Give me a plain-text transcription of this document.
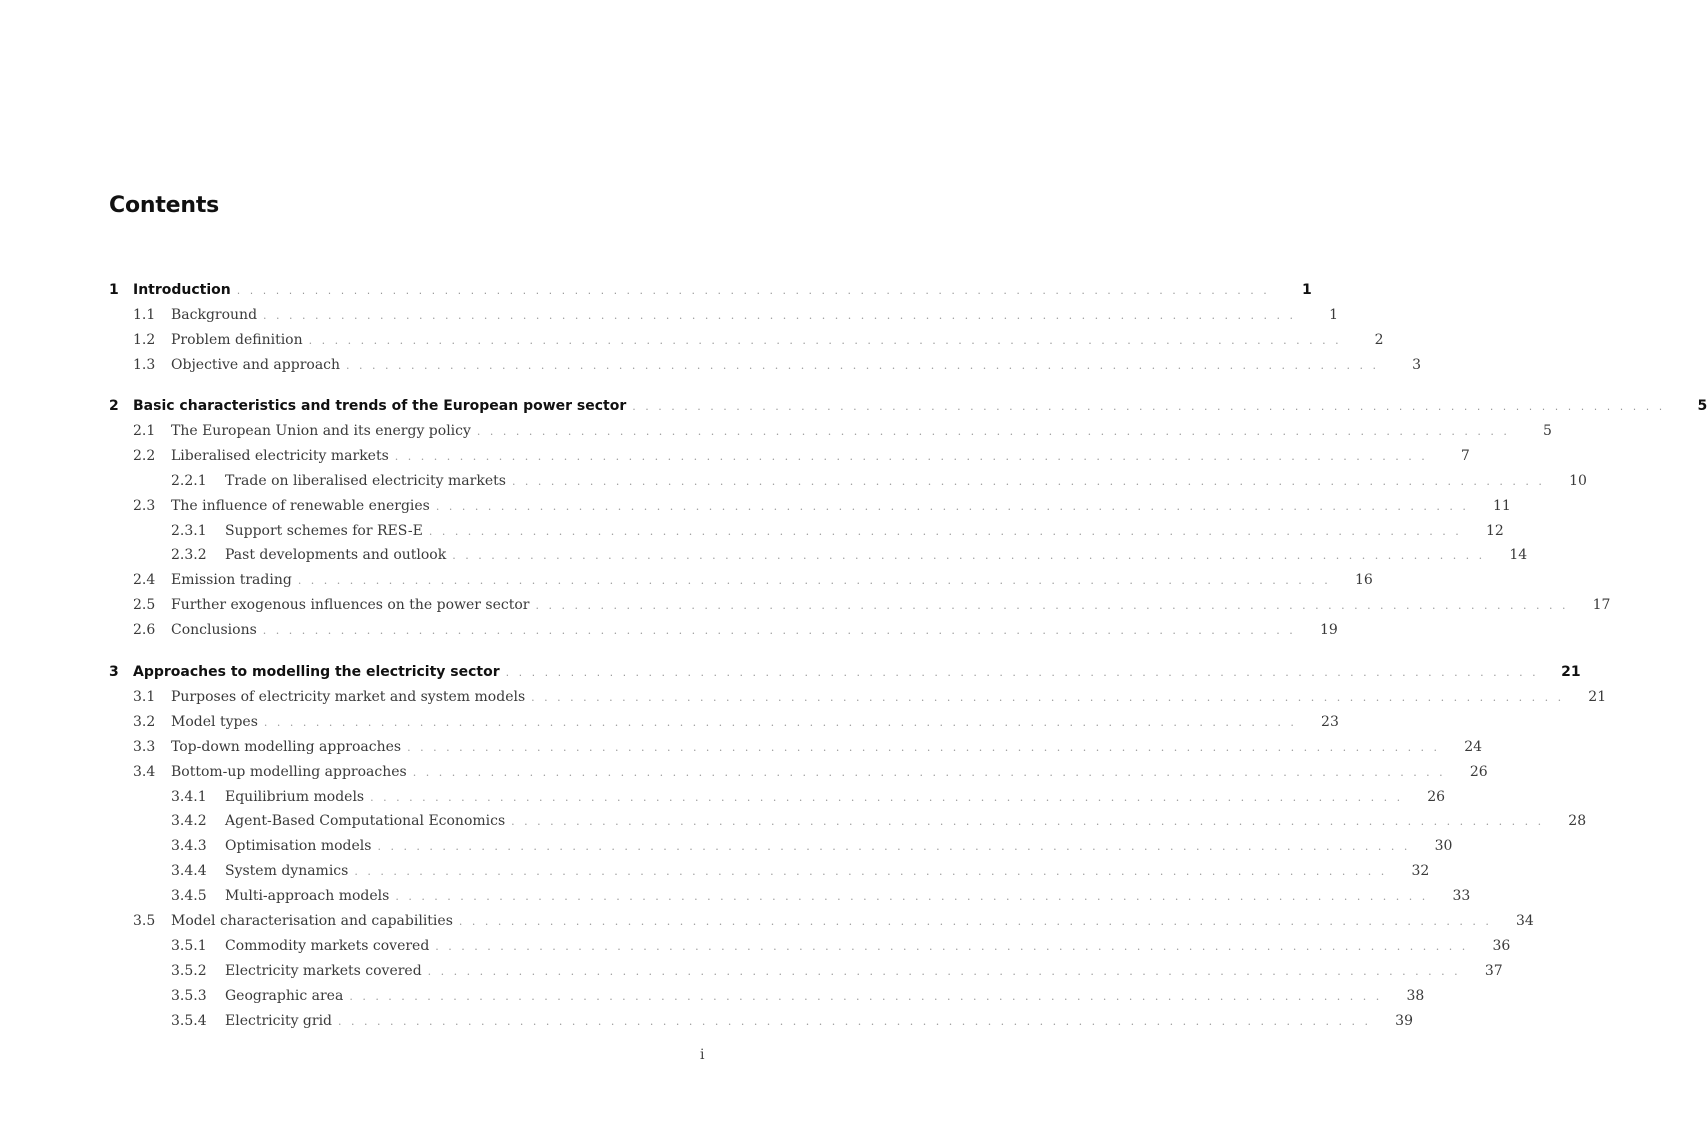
Contents
1	Introduction . . . . . . . . . . . . . . . . . . . . . . . . . . . . . . . . . . . . . . . . . . . . . . . . . . . . . . . . . . . . . . . . . . . . . . . . . . . . . . . .	1
1.1	Background . . . . . . . . . . . . . . . . . . . . . . . . . . . . . . . . . . . . . . . . . . . . . . . . . . . . . . . . . . . . . . . . . . . . . . . . . . . . . . . .	1
1.2	Problem definition . . . . . . . . . . . . . . . . . . . . . . . . . . . . . . . . . . . . . . . . . . . . . . . . . . . . . . . . . . . . . . . . . . . . . . . . . . . . . . . .	2
1.3	Objective and approach . . . . . . . . . . . . . . . . . . . . . . . . . . . . . . . . . . . . . . . . . . . . . . . . . . . . . . . . . . . . . . . . . . . . . . . . . . . . . . . .	3
2	Basic characteristics and trends of the European power sector . . . . . . . . . . . . . . . . . . . . . . . . . . . . . . . . . . . . . . . . . . . . . . . . . . . . . . . . . . . . . . . . . . . . . . . . . . . . . . . .	5
2.1	The European Union and its energy policy . . . . . . . . . . . . . . . . . . . . . . . . . . . . . . . . . . . . . . . . . . . . . . . . . . . . . . . . . . . . . . . . . . . . . . . . . . . . . . . .	5
2.2	Liberalised electricity markets . . . . . . . . . . . . . . . . . . . . . . . . . . . . . . . . . . . . . . . . . . . . . . . . . . . . . . . . . . . . . . . . . . . . . . . . . . . . . . . .	7
2.2.1	Trade on liberalised electricity markets . . . . . . . . . . . . . . . . . . . . . . . . . . . . . . . . . . . . . . . . . . . . . . . . . . . . . . . . . . . . . . . . . . . . . . . . . . . . . . . .	10
2.3	The influence of renewable energies . . . . . . . . . . . . . . . . . . . . . . . . . . . . . . . . . . . . . . . . . . . . . . . . . . . . . . . . . . . . . . . . . . . . . . . . . . . . . . . .	11
2.3.1	Support schemes for RES-E . . . . . . . . . . . . . . . . . . . . . . . . . . . . . . . . . . . . . . . . . . . . . . . . . . . . . . . . . . . . . . . . . . . . . . . . . . . . . . . .	12
2.3.2	Past developments and outlook . . . . . . . . . . . . . . . . . . . . . . . . . . . . . . . . . . . . . . . . . . . . . . . . . . . . . . . . . . . . . . . . . . . . . . . . . . . . . . . .	14
2.4	Emission trading . . . . . . . . . . . . . . . . . . . . . . . . . . . . . . . . . . . . . . . . . . . . . . . . . . . . . . . . . . . . . . . . . . . . . . . . . . . . . . . .	16
2.5	Further exogenous influences on the power sector . . . . . . . . . . . . . . . . . . . . . . . . . . . . . . . . . . . . . . . . . . . . . . . . . . . . . . . . . . . . . . . . . . . . . . . . . . . . . . . .	17
2.6	Conclusions . . . . . . . . . . . . . . . . . . . . . . . . . . . . . . . . . . . . . . . . . . . . . . . . . . . . . . . . . . . . . . . . . . . . . . . . . . . . . . . .	19
3	Approaches to modelling the electricity sector . . . . . . . . . . . . . . . . . . . . . . . . . . . . . . . . . . . . . . . . . . . . . . . . . . . . . . . . . . . . . . . . . . . . . . . . . . . . . . . .	21
3.1	Purposes of electricity market and system models . . . . . . . . . . . . . . . . . . . . . . . . . . . . . . . . . . . . . . . . . . . . . . . . . . . . . . . . . . . . . . . . . . . . . . . . . . . . . . . .	21
3.2	Model types . . . . . . . . . . . . . . . . . . . . . . . . . . . . . . . . . . . . . . . . . . . . . . . . . . . . . . . . . . . . . . . . . . . . . . . . . . . . . . . .	23
3.3	Top-down modelling approaches . . . . . . . . . . . . . . . . . . . . . . . . . . . . . . . . . . . . . . . . . . . . . . . . . . . . . . . . . . . . . . . . . . . . . . . . . . . . . . . .	24
3.4	Bottom-up modelling approaches . . . . . . . . . . . . . . . . . . . . . . . . . . . . . . . . . . . . . . . . . . . . . . . . . . . . . . . . . . . . . . . . . . . . . . . . . . . . . . . .	26
3.4.1	Equilibrium models . . . . . . . . . . . . . . . . . . . . . . . . . . . . . . . . . . . . . . . . . . . . . . . . . . . . . . . . . . . . . . . . . . . . . . . . . . . . . . . .	26
3.4.2	Agent-Based Computational Economics . . . . . . . . . . . . . . . . . . . . . . . . . . . . . . . . . . . . . . . . . . . . . . . . . . . . . . . . . . . . . . . . . . . . . . . . . . . . . . . .	28
3.4.3	Optimisation models . . . . . . . . . . . . . . . . . . . . . . . . . . . . . . . . . . . . . . . . . . . . . . . . . . . . . . . . . . . . . . . . . . . . . . . . . . . . . . . .	30
3.4.4	System dynamics . . . . . . . . . . . . . . . . . . . . . . . . . . . . . . . . . . . . . . . . . . . . . . . . . . . . . . . . . . . . . . . . . . . . . . . . . . . . . . . .	32
3.4.5	Multi-approach models . . . . . . . . . . . . . . . . . . . . . . . . . . . . . . . . . . . . . . . . . . . . . . . . . . . . . . . . . . . . . . . . . . . . . . . . . . . . . . . .	33
3.5	Model characterisation and capabilities . . . . . . . . . . . . . . . . . . . . . . . . . . . . . . . . . . . . . . . . . . . . . . . . . . . . . . . . . . . . . . . . . . . . . . . . . . . . . . . .	34
3.5.1	Commodity markets covered . . . . . . . . . . . . . . . . . . . . . . . . . . . . . . . . . . . . . . . . . . . . . . . . . . . . . . . . . . . . . . . . . . . . . . . . . . . . . . . .	36
3.5.2	Electricity markets covered . . . . . . . . . . . . . . . . . . . . . . . . . . . . . . . . . . . . . . . . . . . . . . . . . . . . . . . . . . . . . . . . . . . . . . . . . . . . . . . .	37
3.5.3	Geographic area . . . . . . . . . . . . . . . . . . . . . . . . . . . . . . . . . . . . . . . . . . . . . . . . . . . . . . . . . . . . . . . . . . . . . . . . . . . . . . . .	38
3.5.4	Electricity grid . . . . . . . . . . . . . . . . . . . . . . . . . . . . . . . . . . . . . . . . . . . . . . . . . . . . . . . . . . . . . . . . . . . . . . . . . . . . . . . .	39
i
